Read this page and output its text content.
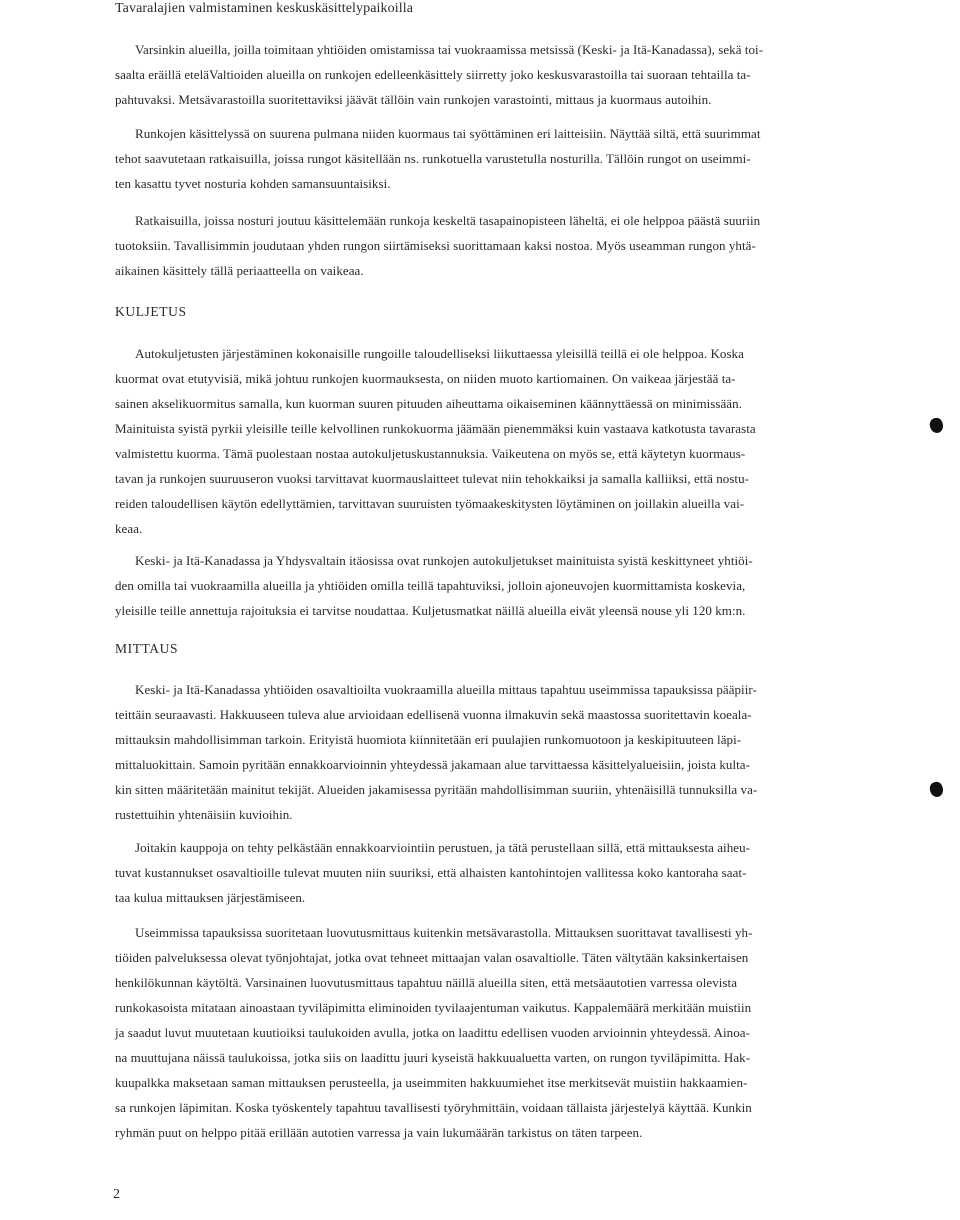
Tavaralajien valmistaminen keskuskäsittelypaikoilla
Varsinkin alueilla, joilla toimitaan yhtiöiden omistamissa tai vuokraamissa metsissä (Keski- ja Itä-Kanadassa), sekä toi-
saalta eräillä eteläValtioiden alueilla on runkojen edelleenkäsittely siirretty joko keskusvarastoilla tai suoraan tehtailla ta-
pahtuvaksi. Metsävarastoilla suoritettaviksi jäävät tällöin vain runkojen varastointi, mittaus ja kuormaus autoihin.
Runkojen käsittelyssä on suurena pulmana niiden kuormaus tai syöttäminen eri laitteisiin. Näyttää siltä, että suurimmat
tehot saavutetaan ratkaisuilla, joissa rungot käsitellään ns. runkotuella varustetulla nosturilla. Tällöin rungot on useimmi-
ten kasattu tyvet nosturia kohden samansuuntaisiksi.
Ratkaisuilla, joissa nosturi joutuu käsittelemään runkoja keskeltä tasapainopisteen läheltä, ei ole helppoa päästä suuriin
tuotoksiin. Tavallisimmin joudutaan yhden rungon siirtämiseksi suorittamaan kaksi nostoa. Myös useamman rungon yhtä-
aikainen käsittely tällä periaatteella on vaikeaa.
KULJETUS
Autokuljetusten järjestäminen kokonaisille rungoille taloudelliseksi liikuttaessa yleisillä teillä ei ole helppoa. Koska
kuormat ovat etutyvisiä, mikä johtuu runkojen kuormauksesta, on niiden muoto kartiomainen. On vaikeaa järjestää ta-
sainen akselikuormitus samalla, kun kuorman suuren pituuden aiheuttama oikaiseminen käännyttäessä on minimissään.
Mainituista syistä pyrkii yleisille teille kelvollinen runkokuorma jäämään pienemmäksi kuin vastaava katkotusta tavarasta
valmistettu kuorma. Tämä puolestaan nostaa autokuljetuskustannuksia. Vaikeutena on myös se, että käytetyn kuormaus-
tavan ja runkojen suuruuseron vuoksi tarvittavat kuormauslaitteet tulevat niin tehokkaiksi ja samalla kalliiksi, että nostu-
reiden taloudellisen käytön edellyttämien, tarvittavan suuruisten työmaakeskitysten löytäminen on joillakin alueilla vai-
keaa.
Keski- ja Itä-Kanadassa ja Yhdysvaltain itäosissa ovat runkojen autokuljetukset mainituista syistä keskittyneet yhtiöi-
den omilla tai vuokraamilla alueilla ja yhtiöiden omilla teillä tapahtuviksi, jolloin ajoneuvojen kuormittamista koskevia,
yleisille teille annettuja rajoituksia ei tarvitse noudattaa. Kuljetusmatkat näillä alueilla eivät yleensä nouse yli 120 km:n.
MITTAUS
Keski- ja Itä-Kanadassa yhtiöiden osavaltioilta vuokraamilla alueilla mittaus tapahtuu useimmissa tapauksissa pääpiir-
teittäin seuraavasti. Hakkuuseen tuleva alue arvioidaan edellisenä vuonna ilmakuvin sekä maastossa suoritettavin koeala-
mittauksin mahdollisimman tarkoin. Erityistä huomiota kiinnitetään eri puulajien runkomuotoon ja keskipituuteen läpi-
mittaluokittain. Samoin pyritään ennakkoarvioinnin yhteydessä jakamaan alue tarvittaessa käsittelyalueisiin, joista kulta-
kin sitten määritetään mainitut tekijät. Alueiden jakamisessa pyritään mahdollisimman suuriin, yhtenäisillä tunnuksilla va-
rustettuihin yhtenäisiin kuvioihin.
Joitakin kauppoja on tehty pelkästään ennakkoarviointiin perustuen, ja tätä perustellaan sillä, että mittauksesta aiheu-
tuvat kustannukset osavaltioille tulevat muuten niin suuriksi, että alhaisten kantohintojen vallitessa koko kantoraha saat-
taa kulua mittauksen järjestämiseen.
Useimmissa tapauksissa suoritetaan luovutusmittaus kuitenkin metsävarastolla. Mittauksen suorittavat tavallisesti yh-
tiöiden palveluksessa olevat työnjohtajat, jotka ovat tehneet mittaajan valan osavaltiolle. Täten vältytään kaksinkertaisen
henkilökunnan käytöltä. Varsinainen luovutusmittaus tapahtuu näillä alueilla siten, että metsäautotien varressa olevista
runkokasoista mitataan ainoastaan tyviläpimitta eliminoiden tyvilaajentuman vaikutus. Kappalemäärä merkitään muistiin
ja saadut luvut muutetaan kuutioiksi taulukoiden avulla, jotka on laadittu edellisen vuoden arvioinnin yhteydessä. Ainoa-
na muuttujana näissä taulukoissa, jotka siis on laadittu juuri kyseistä hakkuualuetta varten, on rungon tyviläpimitta. Hak-
kuupalkka maksetaan saman mittauksen perusteella, ja useimmiten hakkuumiehet itse merkitsevät muistiin hakkaamien-
sa runkojen läpimitan. Koska työskentely tapahtuu tavallisesti työryhmittäin, voidaan tällaista järjestelyä käyttää. Kunkin
ryhmän puut on helppo pitää erillään autotien varressa ja vain lukumäärän tarkistus on täten tarpeen.
2
